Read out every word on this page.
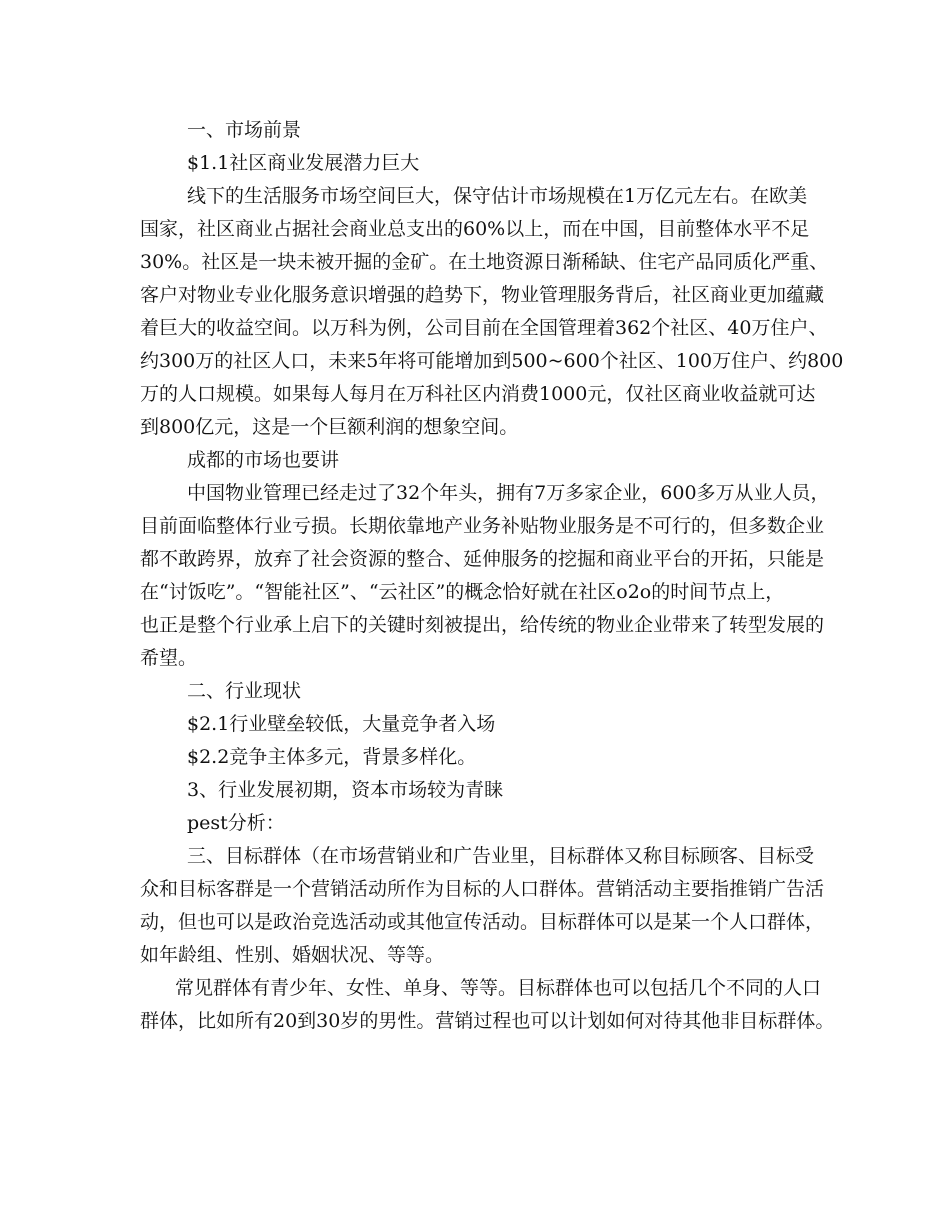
一、市场前景
$1.1社区商业发展潜力巨大
线下的生活服务市场空间巨大，保守估计市场规模在1万亿元左右。在欧美
国家，社区商业占据社会商业总支出的60%以上，而在中国，目前整体水平不足
30%。社区是一块未被开掘的金矿。在土地资源日渐稀缺、住宅产品同质化严重、
客户对物业专业化服务意识增强的趋势下，物业管理服务背后，社区商业更加蕴藏
着巨大的收益空间。以万科为例，公司目前在全国管理着362个社区、40万住户、
约300万的社区人口，未来5年将可能增加到500~600个社区、100万住户、约800
万的人口规模。如果每人每月在万科社区内消费1000元，仅社区商业收益就可达
到800亿元，这是一个巨额利润的想象空间。
成都的市场也要讲
中国物业管理已经走过了32个年头，拥有7万多家企业，600多万从业人员，
目前面临整体行业亏损。长期依靠地产业务补贴物业服务是不可行的，但多数企业
都不敢跨界，放弃了社会资源的整合、延伸服务的挖掘和商业平台的开拓，只能是
在“讨饭吃”。“智能社区”、“云社区”的概念恰好就在社区o2o的时间节点上，
也正是整个行业承上启下的关键时刻被提出，给传统的物业企业带来了转型发展的
希望。
二、行业现状
$2.1行业壁垒较低，大量竞争者入场
$2.2竞争主体多元，背景多样化。
3、行业发展初期，资本市场较为青睐
pest分析：
三、目标群体（在市场营销业和广告业里，目标群体又称目标顾客、目标受
众和目标客群是一个营销活动所作为目标的人口群体。营销活动主要指推销广告活
动，但也可以是政治竞选活动或其他宣传活动。目标群体可以是某一个人口群体，
如年龄组、性别、婚姻状况、等等。
常见群体有青少年、女性、单身、等等。目标群体也可以包括几个不同的人口
群体，比如所有20到30岁的男性。营销过程也可以计划如何对待其他非目标群体。
